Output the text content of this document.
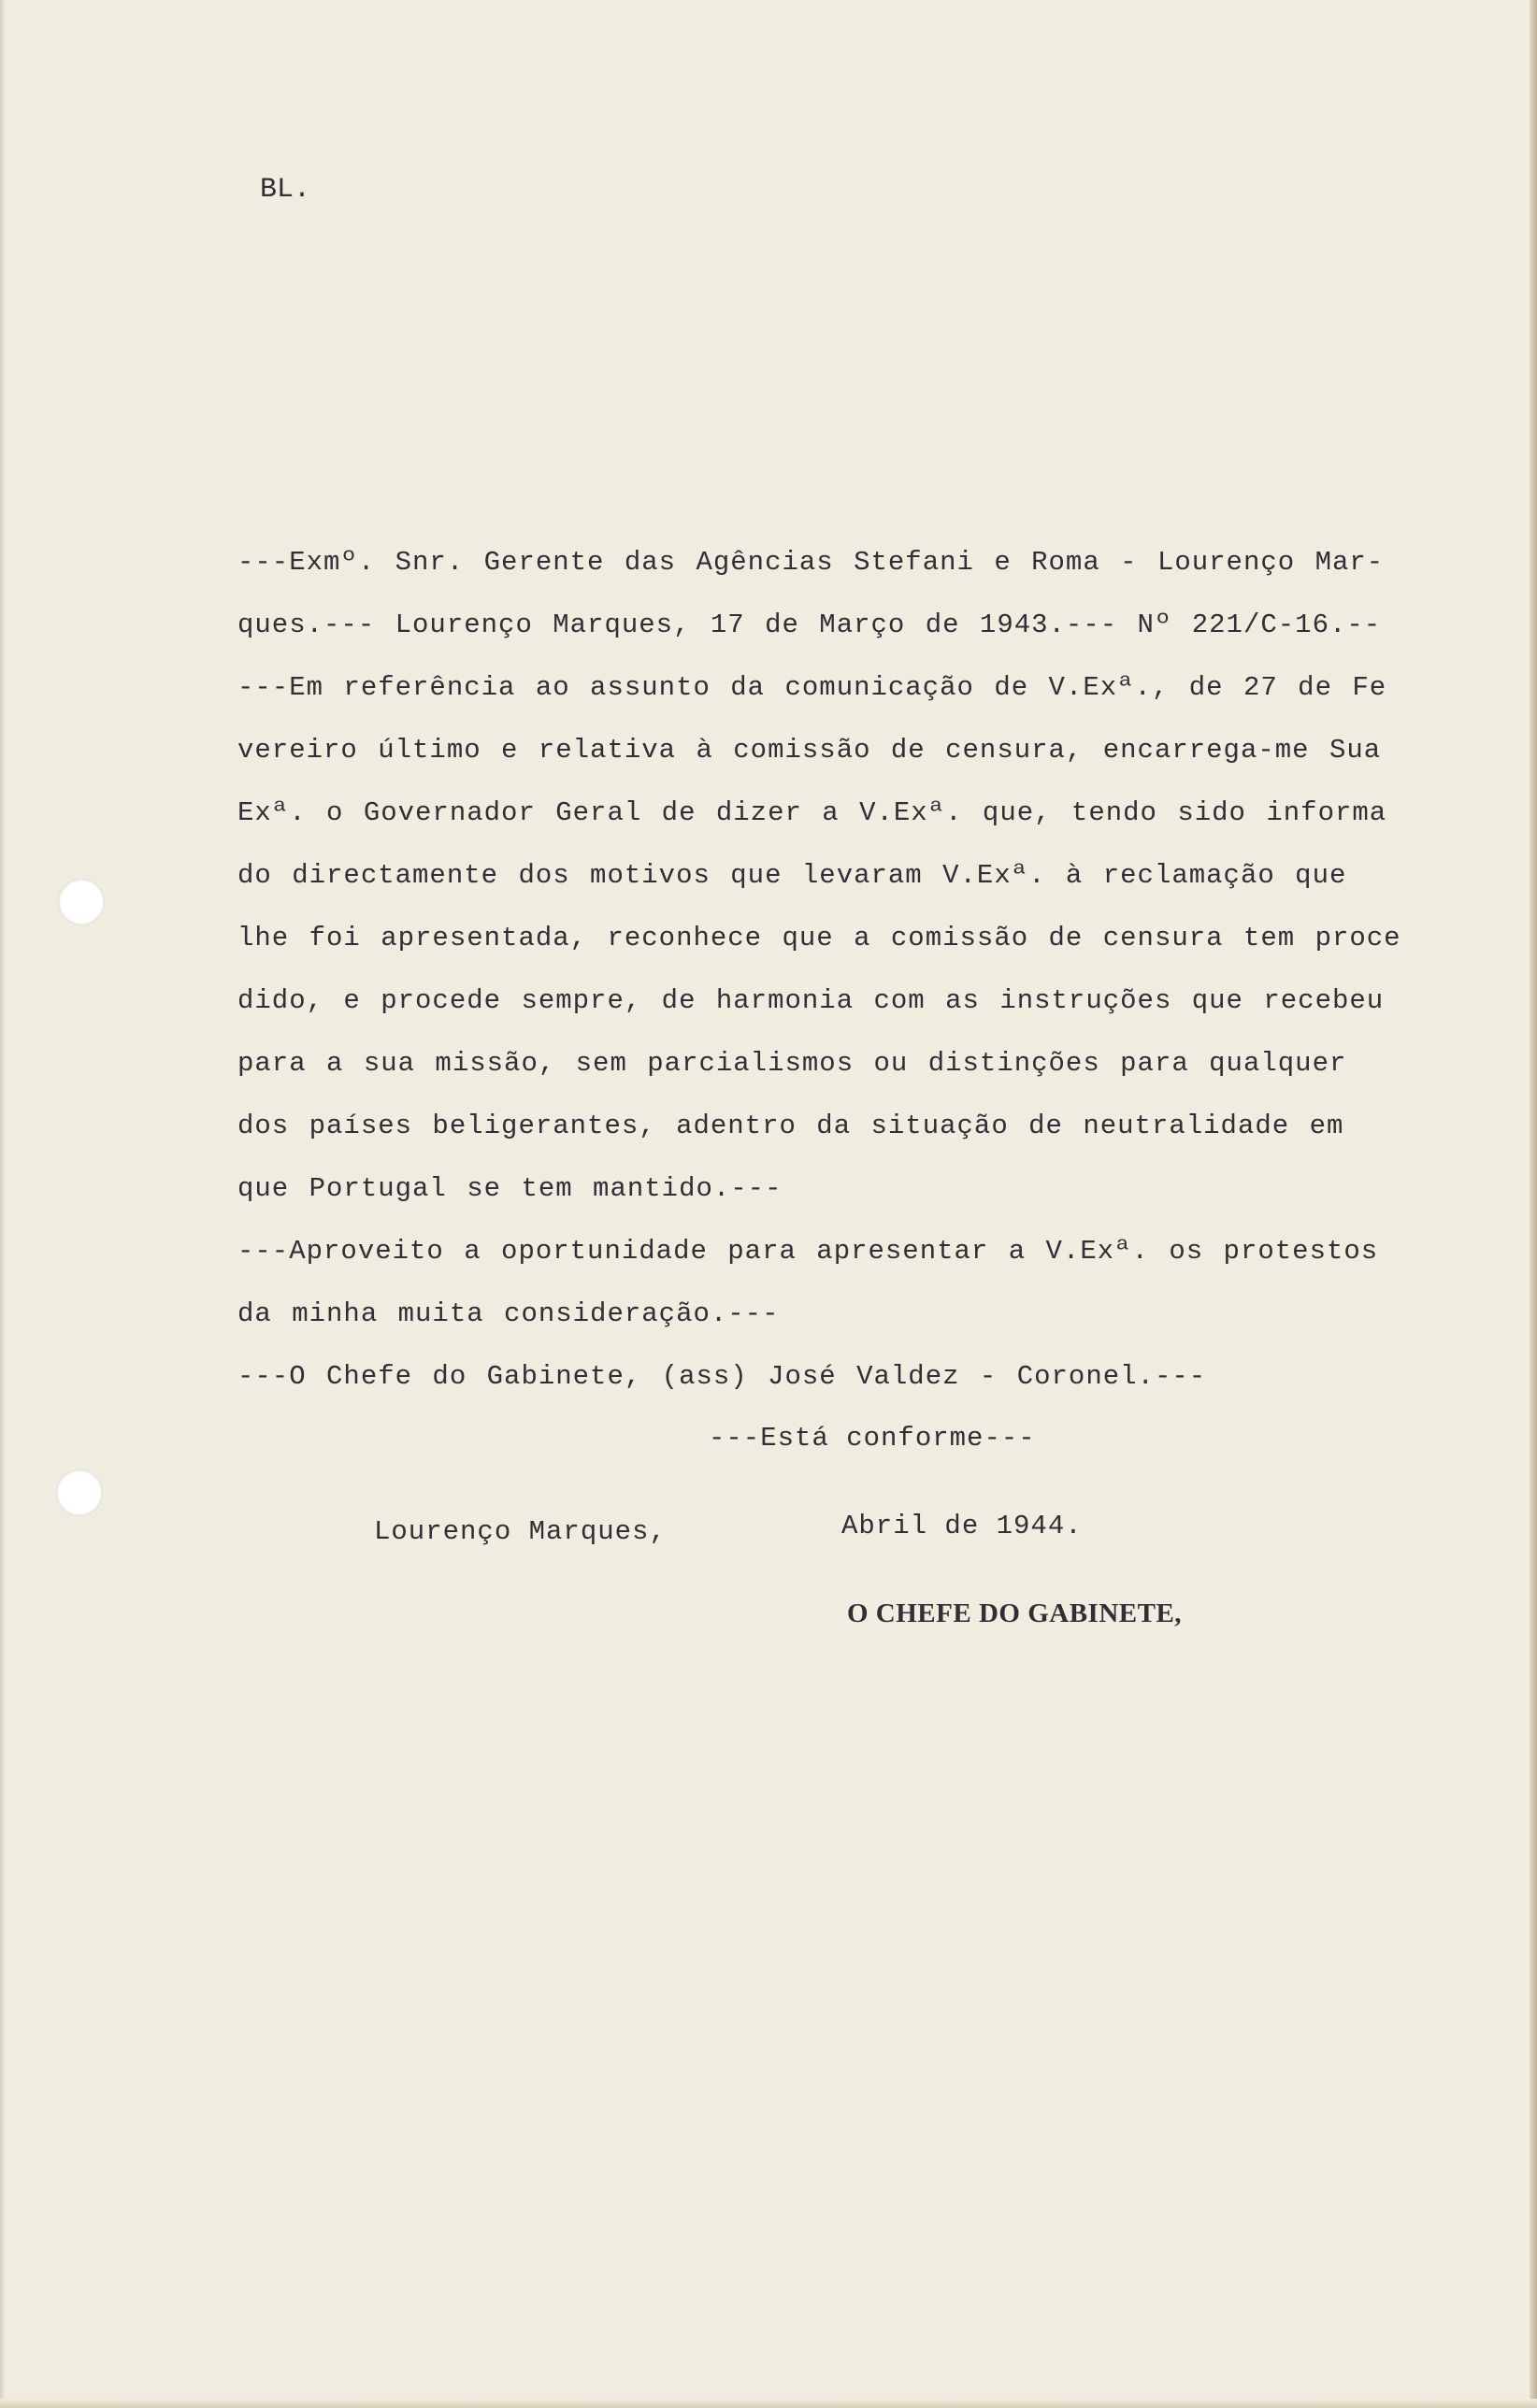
BL.
---Exmº. Snr. Gerente das Agências Stefani e Roma - Lourenço Mar-
ques.--- Lourenço Marques, 17 de Março de 1943.--- Nº 221/C-16.--
---Em referência ao assunto da comunicação de V.Exª., de 27 de Fe
vereiro último e relativa à comissão de censura, encarrega-me Sua
Exª. o Governador Geral de dizer a V.Exª. que, tendo sido informa
do directamente dos motivos que levaram V.Exª. à reclamação que
lhe foi apresentada, reconhece que a comissão de censura tem proce
dido, e procede sempre, de harmonia com as instruções que recebeu
para a sua missão, sem parcialismos ou distinções para qualquer
dos países beligerantes, adentro da situação de neutralidade em
que Portugal se tem mantido.---
---Aproveito a oportunidade para apresentar a V.Exª. os protestos
da minha muita consideração.---
---O Chefe do Gabinete, (ass) José Valdez - Coronel.---
---Está conforme---
Lourenço Marques,	Abril de 1944.
O CHEFE DO GABINETE,
